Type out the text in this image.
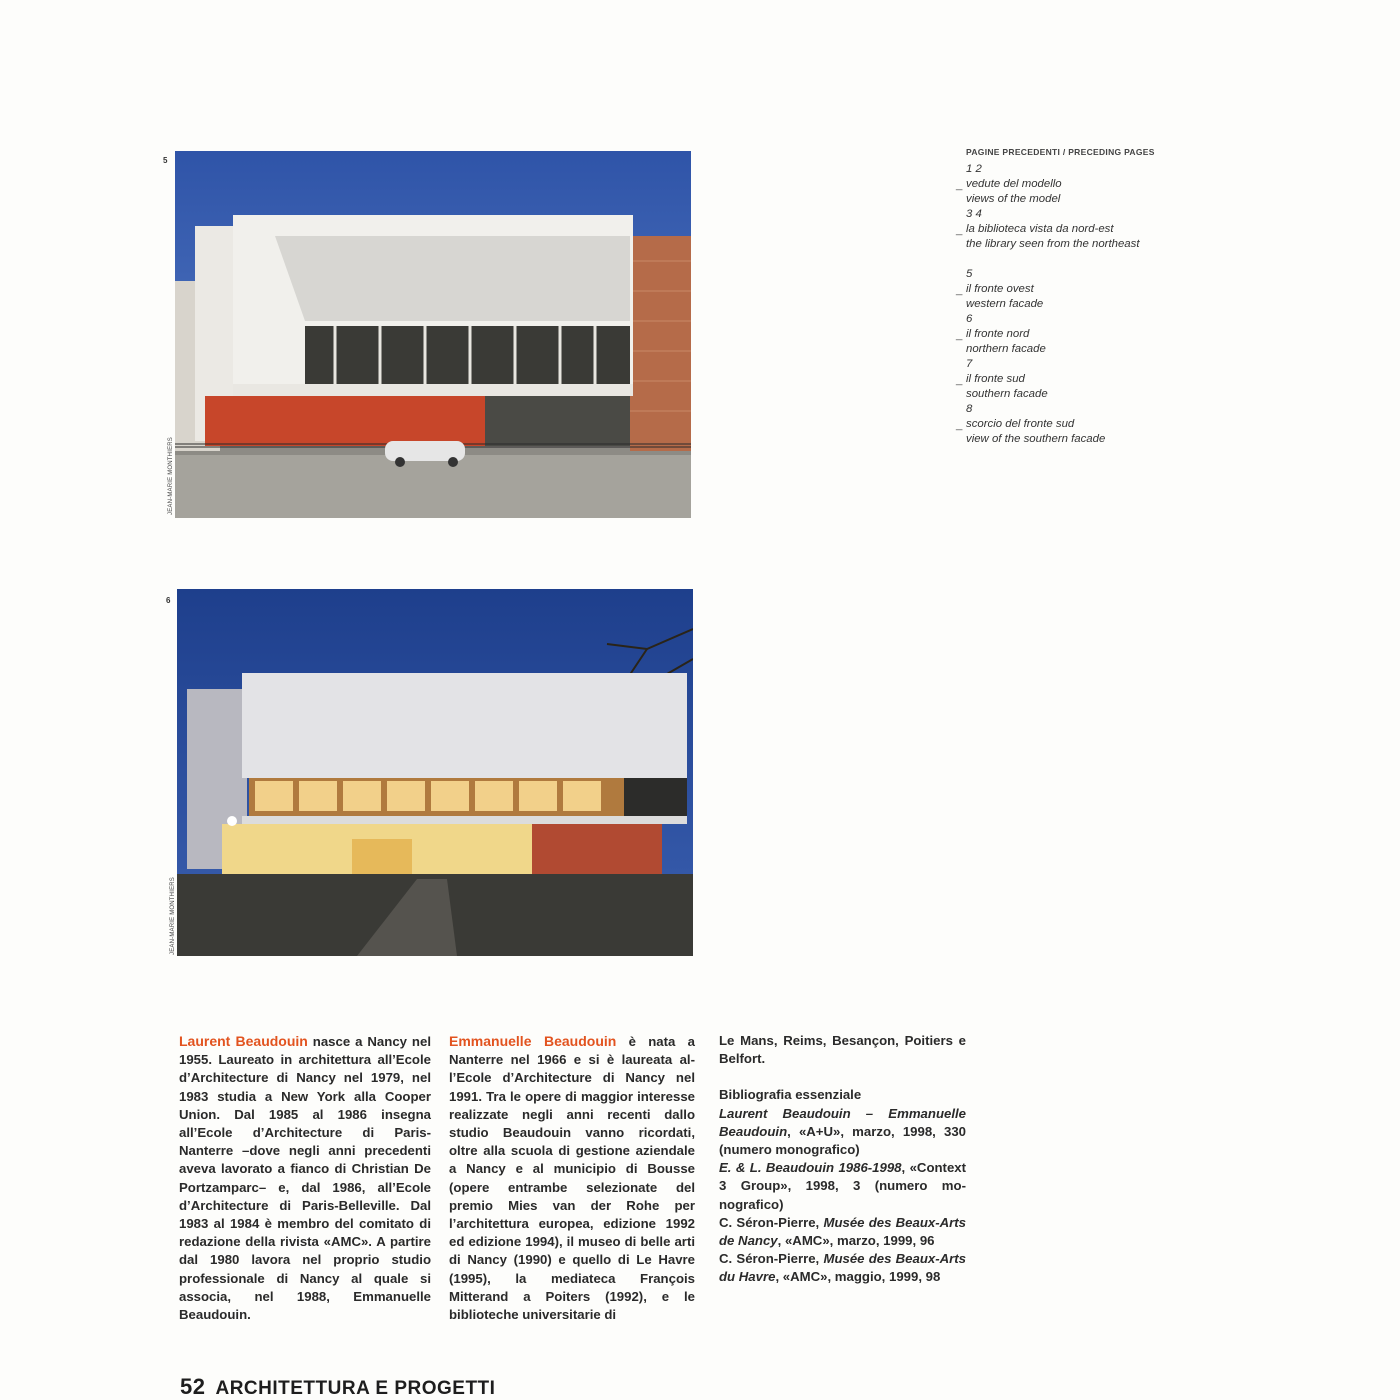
5
JEAN-MARIE MONTHIERS
6
JEAN-MARIE MONTHIERS
PAGINE PRECEDENTI / PRECEDING PAGES
1 2
_ vedute del modello
views of the model
3 4
_ la biblioteca vista da nord-est
the library seen from the northeast
5
_ il fronte ovest
western facade
6
_ il fronte nord
northern facade
7
_ il fronte sud
southern facade
8
_ scorcio del fronte sud
view of the southern facade
Laurent Beaudouin nasce a Nancy nel 1955. Laureato in architettura all’Ecole d’Architecture di Nancy nel 1979, nel 1983 studia a New York alla Cooper Union. Dal 1985 al 1986 insegna all’Ecole d’Architecture di Paris-Nanterre –dove negli anni precedenti aveva lavorato a fianco di Christian De Portzamparc– e, dal 1986, all’Ecole d’Architecture di Paris-Belleville. Dal 1983 al 1984 è membro del comitato di redazione della rivista «AMC». A partire dal 1980 lavora nel proprio studio professionale di Nancy al quale si associa, nel 1988, Emmanuelle Beaudouin.
Emmanuelle Beaudouin è nata a Nanterre nel 1966 e si è laureata all’Ecole d’Architecture di Nancy nel 1991. Tra le opere di maggior interesse realizzate negli anni recenti dallo studio Beaudouin vanno ricordati, oltre alla scuola di gestione aziendale a Nancy e al municipio di Bousse (opere entrambe selezionate del premio Mies van der Rohe per l’architettura europea, edizione 1992 ed edizione 1994), il museo di belle arti di Nancy (1990) e quello di Le Havre (1995), la mediateca François Mitterand a Poiters (1992), e le biblioteche universitarie di
Le Mans, Reims, Besançon, Poitiers e Belfort.
Bibliografia essenziale

Laurent Beaudouin – Emmanuelle Beaudouin, «A+U», marzo, 1998, 330 (numero monografico)

E. & L. Beaudouin 1986-1998, «Context 3 Group», 1998, 3 (numero monografico)

C. Séron-Pierre, Musée des Beaux-Arts de Nancy, «AMC», marzo, 1999, 96

C. Séron-Pierre, Musée des Beaux-Arts du Havre, «AMC», maggio, 1999, 98

52 ARCHITETTURA E PROGETTI
